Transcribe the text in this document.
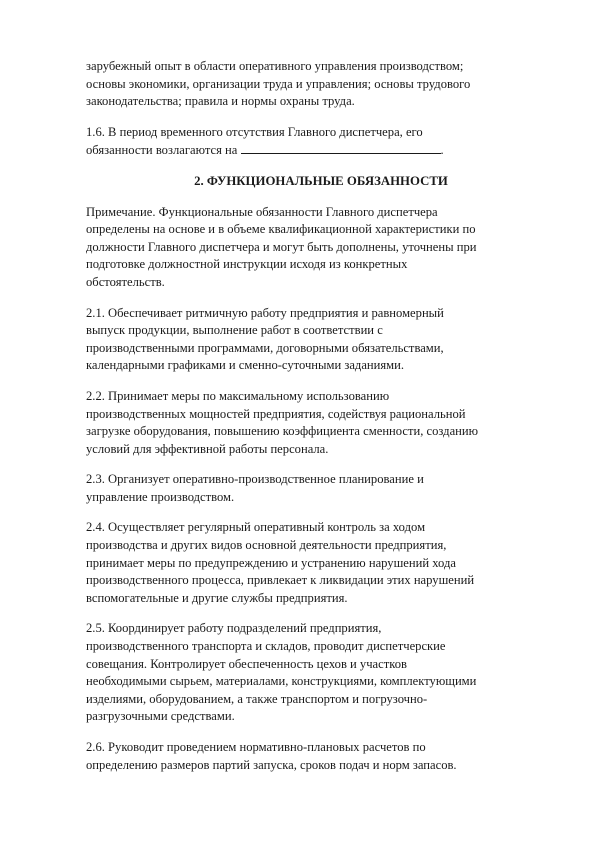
зарубежный опыт в области оперативного управления производством;
основы экономики, организации труда и управления; основы трудового
законодательства; правила и нормы охраны труда.

1.6. В период временного отсутствия Главного диспетчера, его
обязанности возлагаются на	.

2. ФУНКЦИОНАЛЬНЫЕ ОБЯЗАННОСТИ

Примечание. Функциональные обязанности Главного диспетчера
определены на основе и в объеме квалификационной характеристики по
должности Главного диспетчера и могут быть дополнены, уточнены при
подготовке должностной инструкции исходя из конкретных
обстоятельств.

2.1. Обеспечивает ритмичную работу предприятия и равномерный
выпуск продукции, выполнение работ в соответствии с
производственными программами, договорными обязательствами,
календарными графиками и сменно-суточными заданиями.

2.2. Принимает меры по максимальному использованию
производственных мощностей предприятия, содействуя рациональной
загрузке оборудования, повышению коэффициента сменности, созданию
условий для эффективной работы персонала.

2.3. Организует оперативно-производственное планирование и
управление производством.

2.4. Осуществляет регулярный оперативный контроль за ходом
производства и других видов основной деятельности предприятия,
принимает меры по предупреждению и устранению нарушений хода
производственного процесса, привлекает к ликвидации этих нарушений
вспомогательные и другие службы предприятия.

2.5. Координирует работу подразделений предприятия,
производственного транспорта и складов, проводит диспетчерские
совещания. Контролирует обеспеченность цехов и участков
необходимыми сырьем, материалами, конструкциями, комплектующими
изделиями, оборудованием, а также транспортом и погрузочно-
разгрузочными средствами.

2.6. Руководит проведением нормативно-плановых расчетов по
определению размеров партий запуска, сроков подач и норм запасов.
